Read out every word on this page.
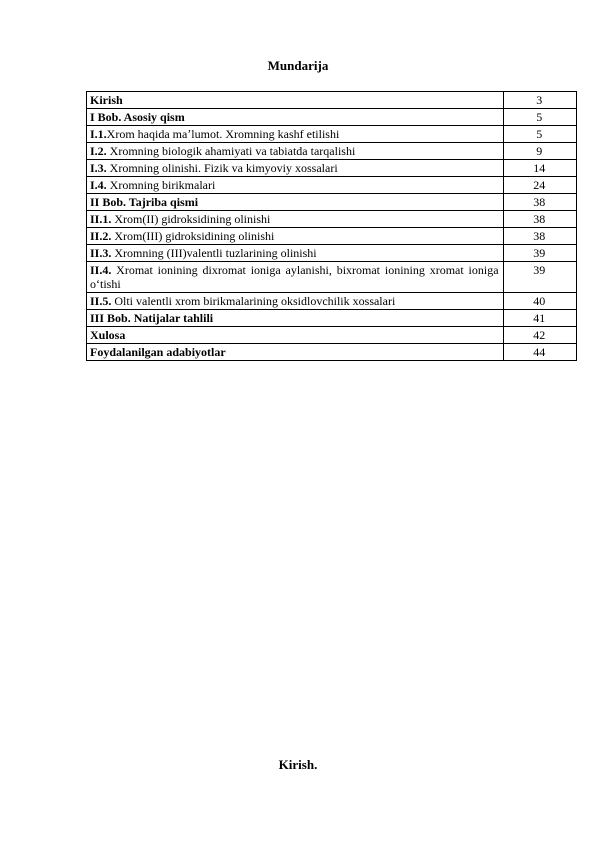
Mundarija
Kirish	3
I Bob. Asosiy qism	5
I.1.Xrom haqida maʼlumot. Xromning kashf etilishi	5
I.2. Xromning biologik ahamiyati va tabiatda tarqalishi	9
I.3. Xromning olinishi. Fizik va kimyoviy xossalari	14
I.4. Xromning birikmalari	24
II Bob. Tajriba qismi	38
II.1. Xrom(II) gidroksidining olinishi	38
II.2. Xrom(III) gidroksidining olinishi	38
II.3. Xromning (III)valentli tuzlarining olinishi	39
II.4. Xromat ionining dixromat ioniga aylanishi, bixromat ionining xromat ioniga oʻtishi	39
II.5. Olti valentli xrom birikmalarining oksidlovchilik xossalari	40
III Bob. Natijalar tahlili	41
Xulosa	42
Foydalanilgan adabiyotlar	44
Kirish.
